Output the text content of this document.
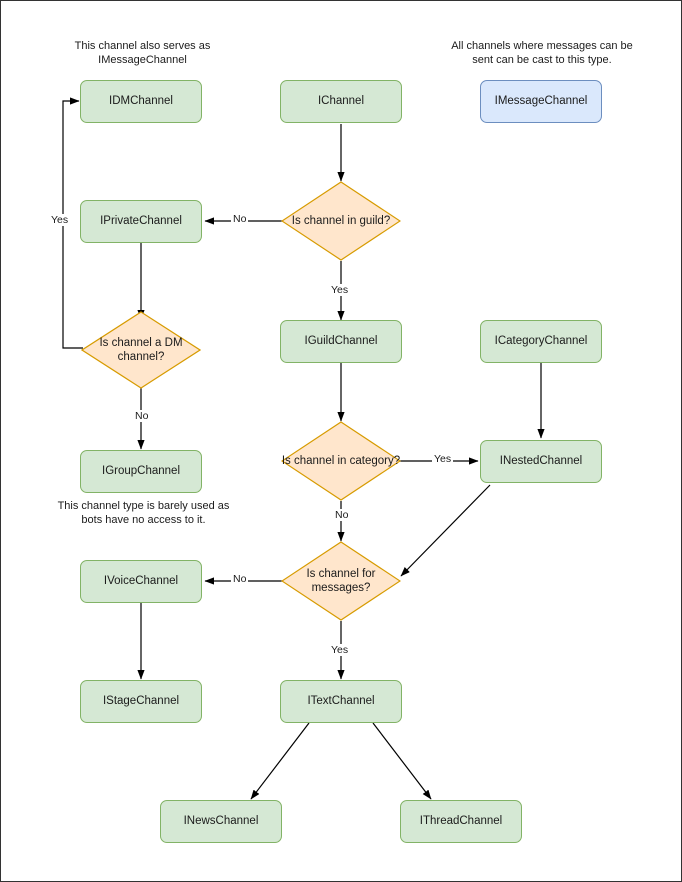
This channel also serves as IMessageChannel
All channels where messages can be sent can be cast to this type.
This channel type is barely used as bots have no access to it.
IDMChannel	IChannel	IMessageChannel
IPrivateChannel	Is channel in guild?
Is channel a DM channel?
IGuildChannel	ICategoryChannel
IGroupChannel
Is channel in category?	INestedChannel
IVoiceChannel
Is channel for messages?
IStageChannel	ITextChannel
INewsChannel	IThreadChannel
Yes	No
Yes
No
Yes
No
No
Yes
